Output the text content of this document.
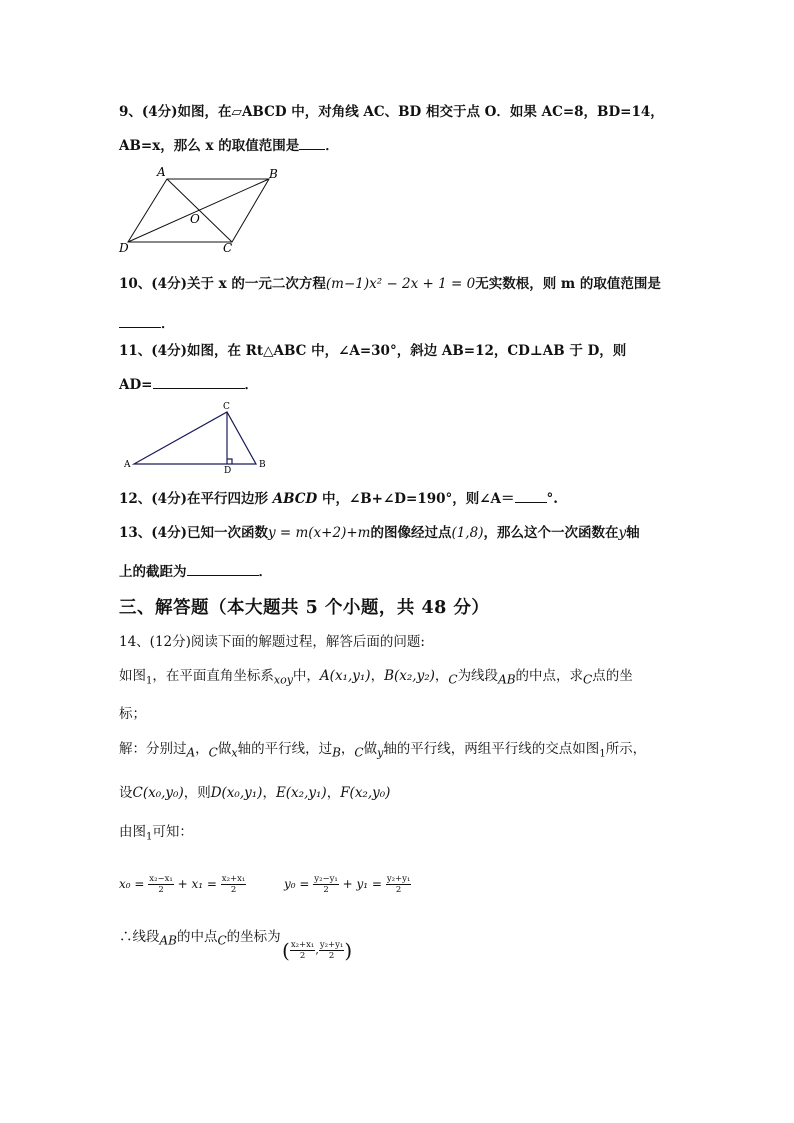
9、(4分)如图，在▱ABCD 中，对角线 AC、BD 相交于点 O．如果 AC=8，BD=14，
AB=x，那么 x 的取值范围是 ．
A	B
O
D	C
10、(4分)关于 x 的一元二次方程(m−1)x² − 2x + 1 = 0无实数根，则 m 的取值范围是
．
11、(4分)如图，在 Rt△ABC 中，∠A=30°，斜边 AB=12，CD⊥AB 于 D，则
AD=	．
C
A
D
B
12、(4分)在平行四边形 ABCD 中，∠B+∠D=190°，则∠A＝ °.
13、(4分)已知一次函数y = m(x+2)+m的图像经过点(1,8)，那么这个一次函数在y轴
上的截距为	．
三、解答题（本大题共 5 个小题，共 48 分）
14、(12分)阅读下面的解题过程，解答后面的问题:
如图$_1$，在平面直角坐标系$_{xoy}$中，A(x₁,y₁)，B(x₂,y₂)，$_C$为线段$_{AB}$的中点，求$_C$点的坐
标；
解：分别过$_A$，$_C$做$_x$轴的平行线，过$_B$，$_C$做$_y$轴的平行线，两组平行线的交点如图$_1$所示，
设C(x₀,y₀)，则D(x₀,y₁)，E(x₂,y₁)，F(x₂,y₀)
由图$_1$可知：
$x_0 = \frac{\text{x₂−x₁}}{2} + x_1 = \frac{\text{x₂+x₁}}{2}$	$y_0 = \frac{\text{y₂−y₁}}{2} + y_1 = \frac{\text{y₂+y₁}}{2}$
∴线段$_{AB}$的中点$_C$的坐标为
( $\frac{\text{x₂+x₁}}{2}$ , $\frac{\text{y₂+y₁}}{2}$ )
